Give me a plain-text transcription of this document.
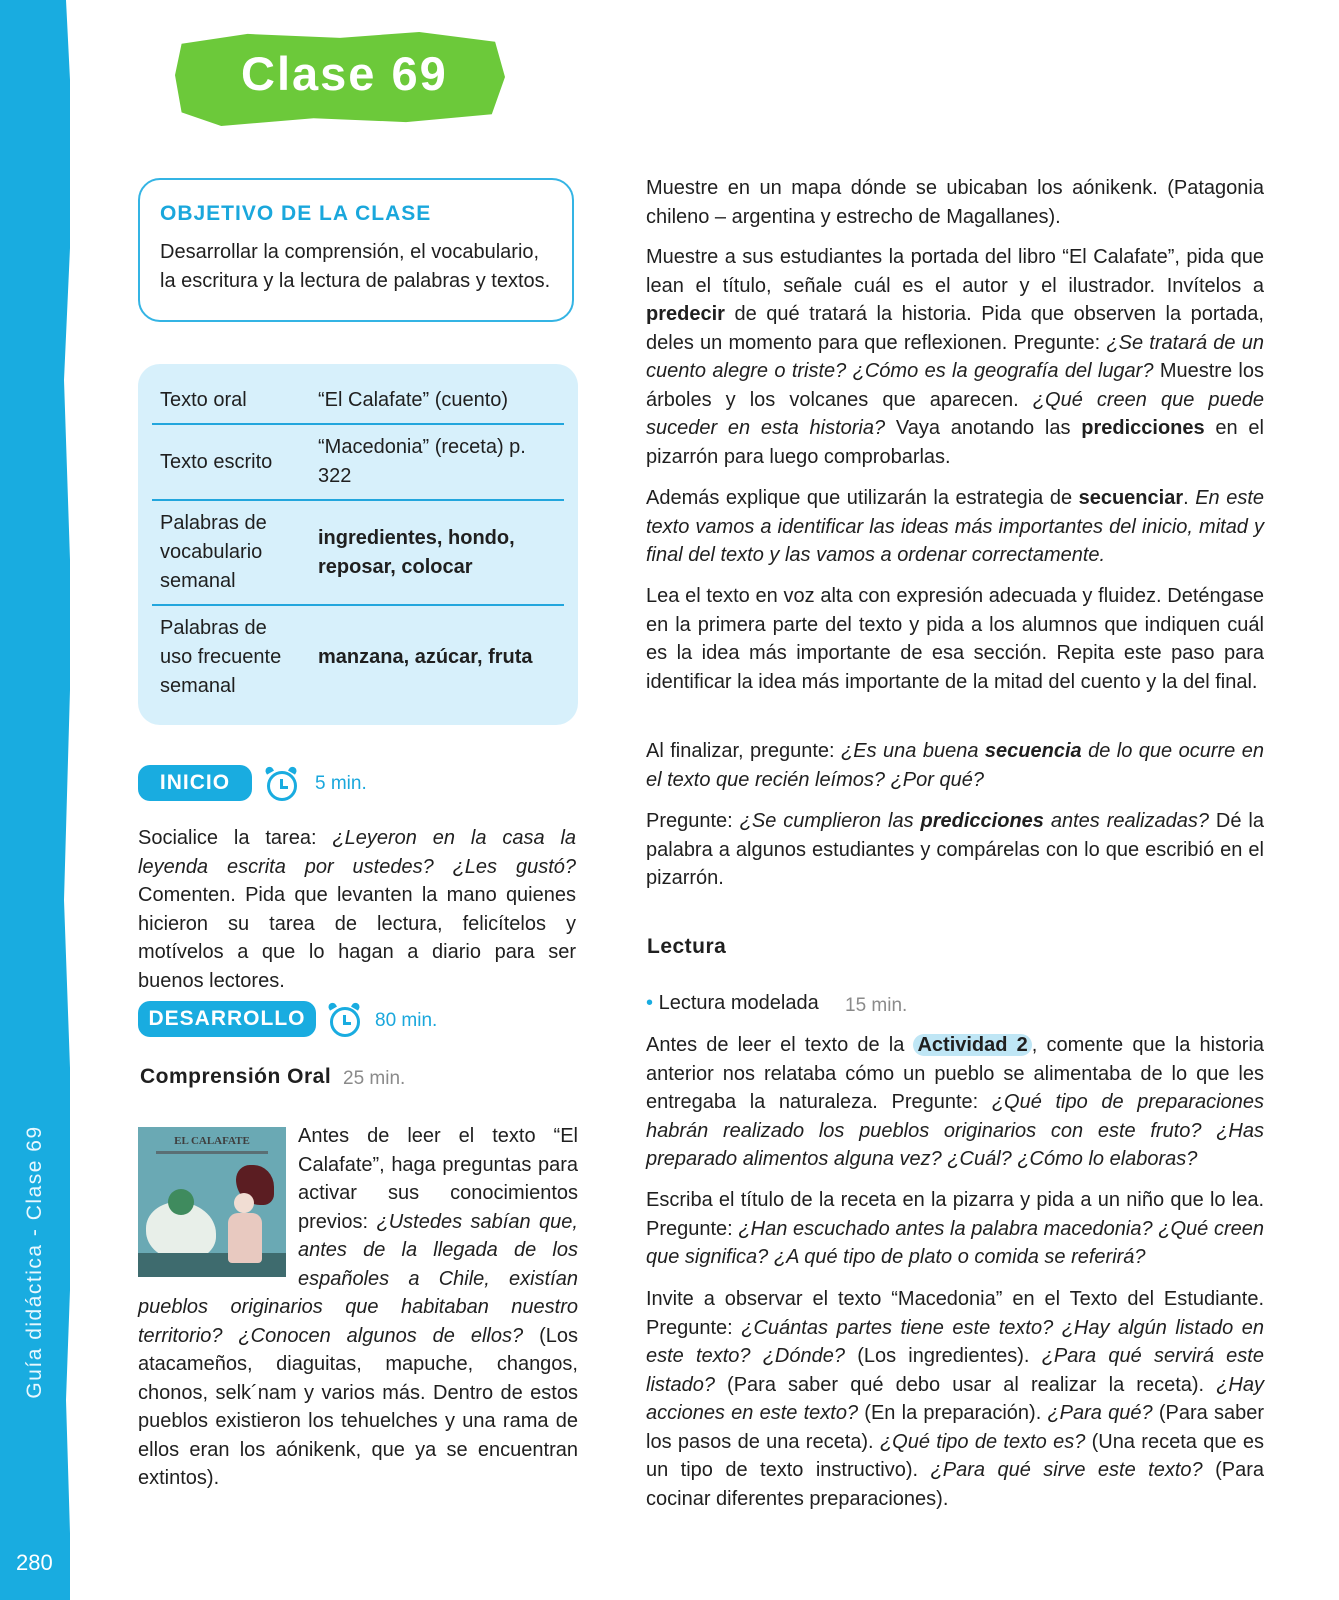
Guía didáctica - Clase 69
280
Clase 69
OBJETIVO DE LA CLASE
Desarrollar la comprensión, el vocabulario, la escritura y la lectura de palabras y textos.
Texto oral	“El Calafate” (cuento)
Texto escrito	“Macedonia” (receta) p. 322
Palabras de vocabulario semanal	ingredientes, hondo, reposar, colocar
Palabras de uso frecuente semanal	manzana, azúcar, fruta
INICIO	5 min.

Socialice la tarea: ¿Leyeron en la casa la leyenda escrita por ustedes? ¿Les gustó? Comenten. Pida que levanten la mano quienes hicieron su tarea de lectura, felicítelos y motívelos a que lo hagan a diario para ser buenos lectores.

DESARROLLO	80 min.
Comprensión Oral 25 min.
EL CALAFATE	Antes de leer el texto “El Calafate”, haga preguntas para activar sus conocimientos previos: ¿Ustedes sabían que, antes de la llegada de los españoles a Chile, existían pueblos originarios que habitaban nuestro territorio? ¿Conocen algunos de ellos? (Los atacameños, diaguitas, mapuche, changos, chonos, selk´nam y varios más. Dentro de estos pueblos existieron los tehuelches y una rama de ellos eran los aónikenk, que ya se encuentran extintos).

Muestre en un mapa dónde se ubicaban los aónikenk. (Patagonia chileno – argentina y estrecho de Magallanes).

Muestre a sus estudiantes la portada del libro “El Calafate”, pida que lean el título, señale cuál es el autor y el ilustrador. Invítelos a predecir de qué tratará la historia. Pida que observen la portada, deles un momento para que reflexionen. Pregunte: ¿Se tratará de un cuento alegre o triste? ¿Cómo es la geografía del lugar? Muestre los árboles y los volcanes que aparecen. ¿Qué creen que puede suceder en esta historia? Vaya anotando las predicciones en el pizarrón para luego comprobarlas.

Además explique que utilizarán la estrategia de secuenciar. En este texto vamos a identificar las ideas más importantes del inicio, mitad y final del texto y las vamos a ordenar correctamente.

Lea el texto en voz alta con expresión adecuada y fluidez. Deténgase en la primera parte del texto y pida a los alumnos que indiquen cuál es la idea más importante de esa sección. Repita este paso para identificar la idea más importante de la mitad del cuento y la del final.

Al finalizar, pregunte: ¿Es una buena secuencia de lo que ocurre en el texto que recién leímos? ¿Por qué?

Pregunte: ¿Se cumplieron las predicciones antes realizadas? Dé la palabra a algunos estudiantes y compárelas con lo que escribió en el pizarrón.

Lectura
• Lectura modelada 15 min.

Antes de leer el texto de la Actividad 2 , comente que la historia anterior nos relataba cómo un pueblo se alimentaba de lo que les entregaba la naturaleza. Pregunte: ¿Qué tipo de preparaciones habrán realizado los pueblos originarios con este fruto? ¿Has preparado alimentos alguna vez? ¿Cuál? ¿Cómo lo elaboras?

Escriba el título de la receta en la pizarra y pida a un niño que lo lea. Pregunte: ¿Han escuchado antes la palabra macedonia? ¿Qué creen que significa? ¿A qué tipo de plato o comida se referirá?

Invite a observar el texto “Macedonia” en el Texto del Estudiante. Pregunte: ¿Cuántas partes tiene este texto? ¿Hay algún listado en este texto? ¿Dónde? (Los ingredientes). ¿Para qué servirá este listado? (Para saber qué debo usar al realizar la receta). ¿Hay acciones en este texto? (En la preparación). ¿Para qué? (Para saber los pasos de una receta). ¿Qué tipo de texto es? (Una receta que es un tipo de texto instructivo). ¿Para qué sirve este texto? (Para cocinar diferentes preparaciones).
